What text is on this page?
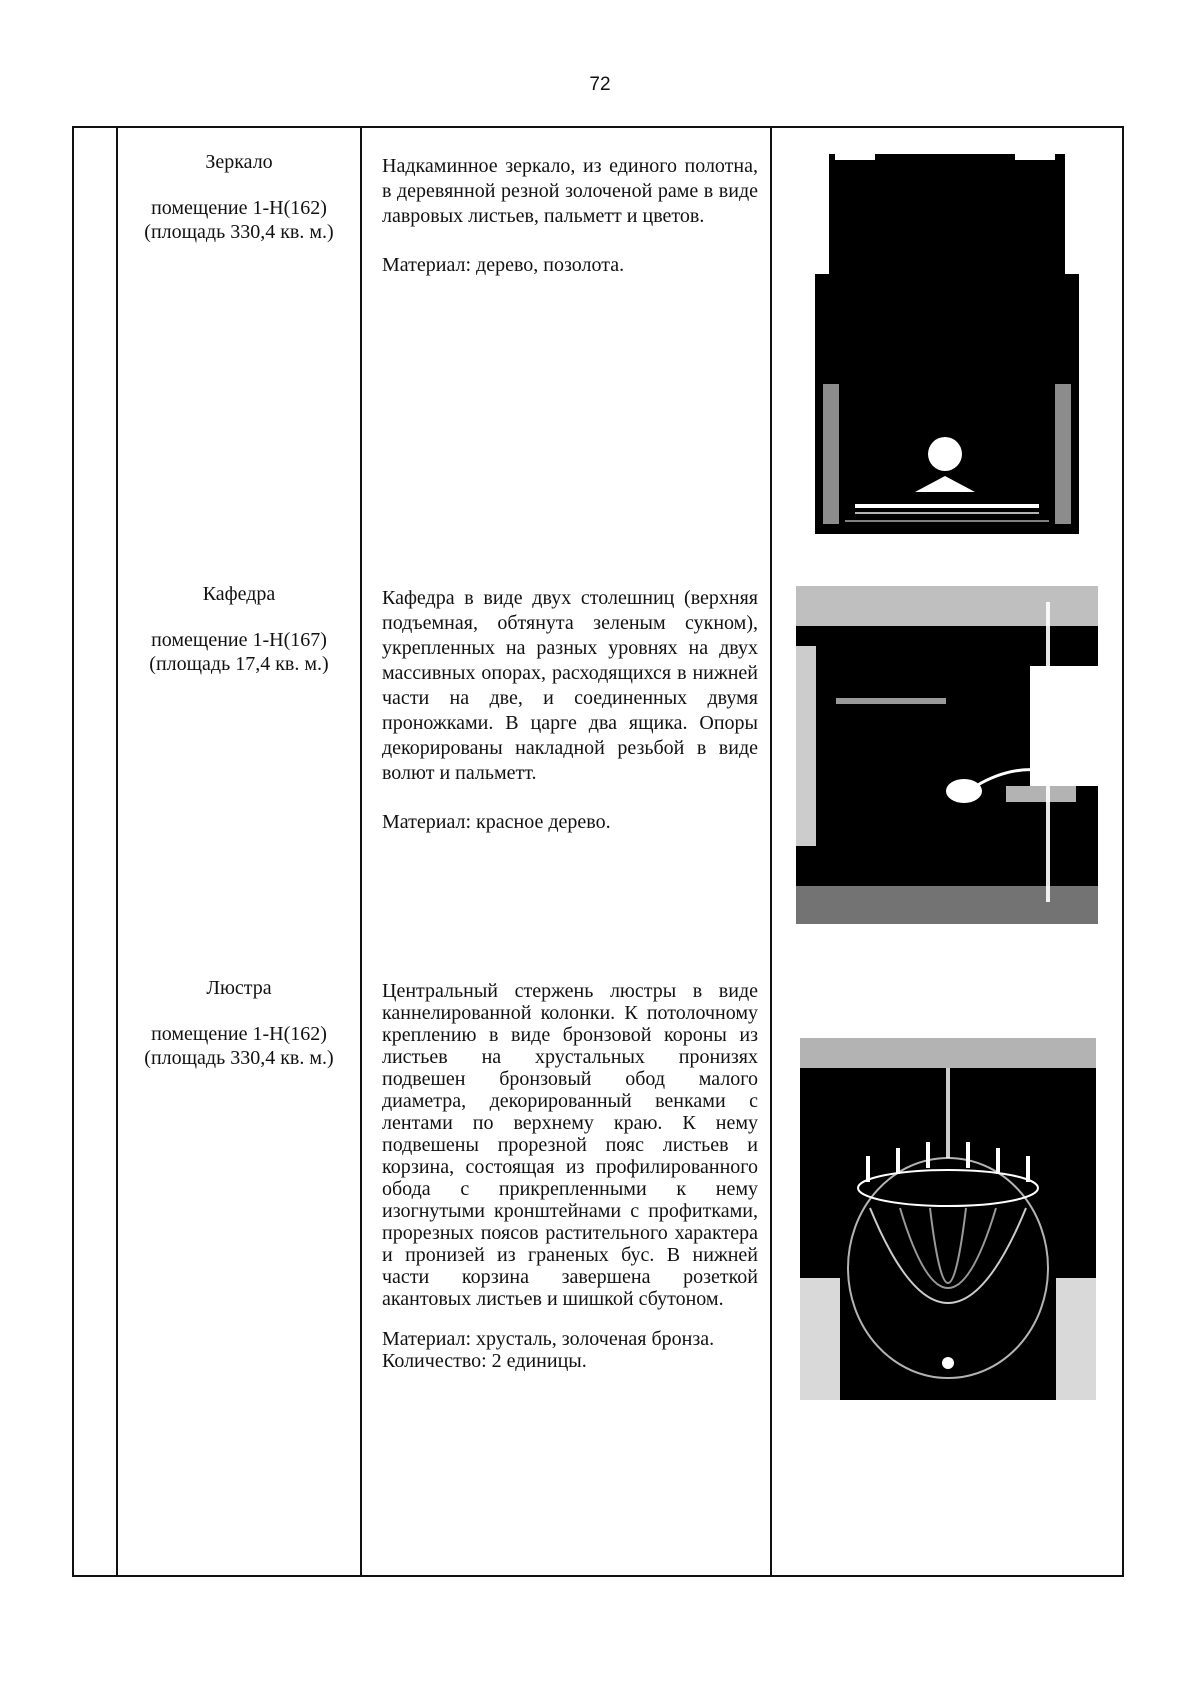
72
Зеркало
помещение 1-Н(162) (площадь 330,4 кв. м.)

Надкаминное зеркало, из единого полотна, в деревянной резной золоченой раме в виде лавровых листьев, пальметт и цветов.

Материал: дерево, позолота.

Кафедра
помещение 1-Н(167) (площадь 17,4 кв. м.)

Кафедра в виде двух столешниц (верхняя подъемная, обтянута зеленым сукном), укрепленных на разных уровнях на двух массивных опорах, расходящихся в нижней части на две, и соединенных двумя проножками. В царге два ящика. Опоры декорированы накладной резьбой в виде волют и пальметт.

Материал: красное дерево.

Люстра
помещение 1-Н(162) (площадь 330,4 кв. м.)

Центральный стержень люстры в виде каннелированной колонки. К потолочному креплению в виде бронзовой короны из листьев на хрустальных пронизях подвешен бронзовый обод малого диаметра, декорированный венками с лентами по верхнему краю. К нему подвешены прорезной пояс листьев и корзина, состоящая из профилированного обода с прикрепленными к нему изогнутыми кронштейнами с профитками, прорезных поясов растительного характера и пронизей из граненых бус. В нижней части корзина завершена розеткой акантовых листьев и шишкой сбутоном.

Материал: хрусталь, золоченая бронза.

Количество: 2 единицы.
